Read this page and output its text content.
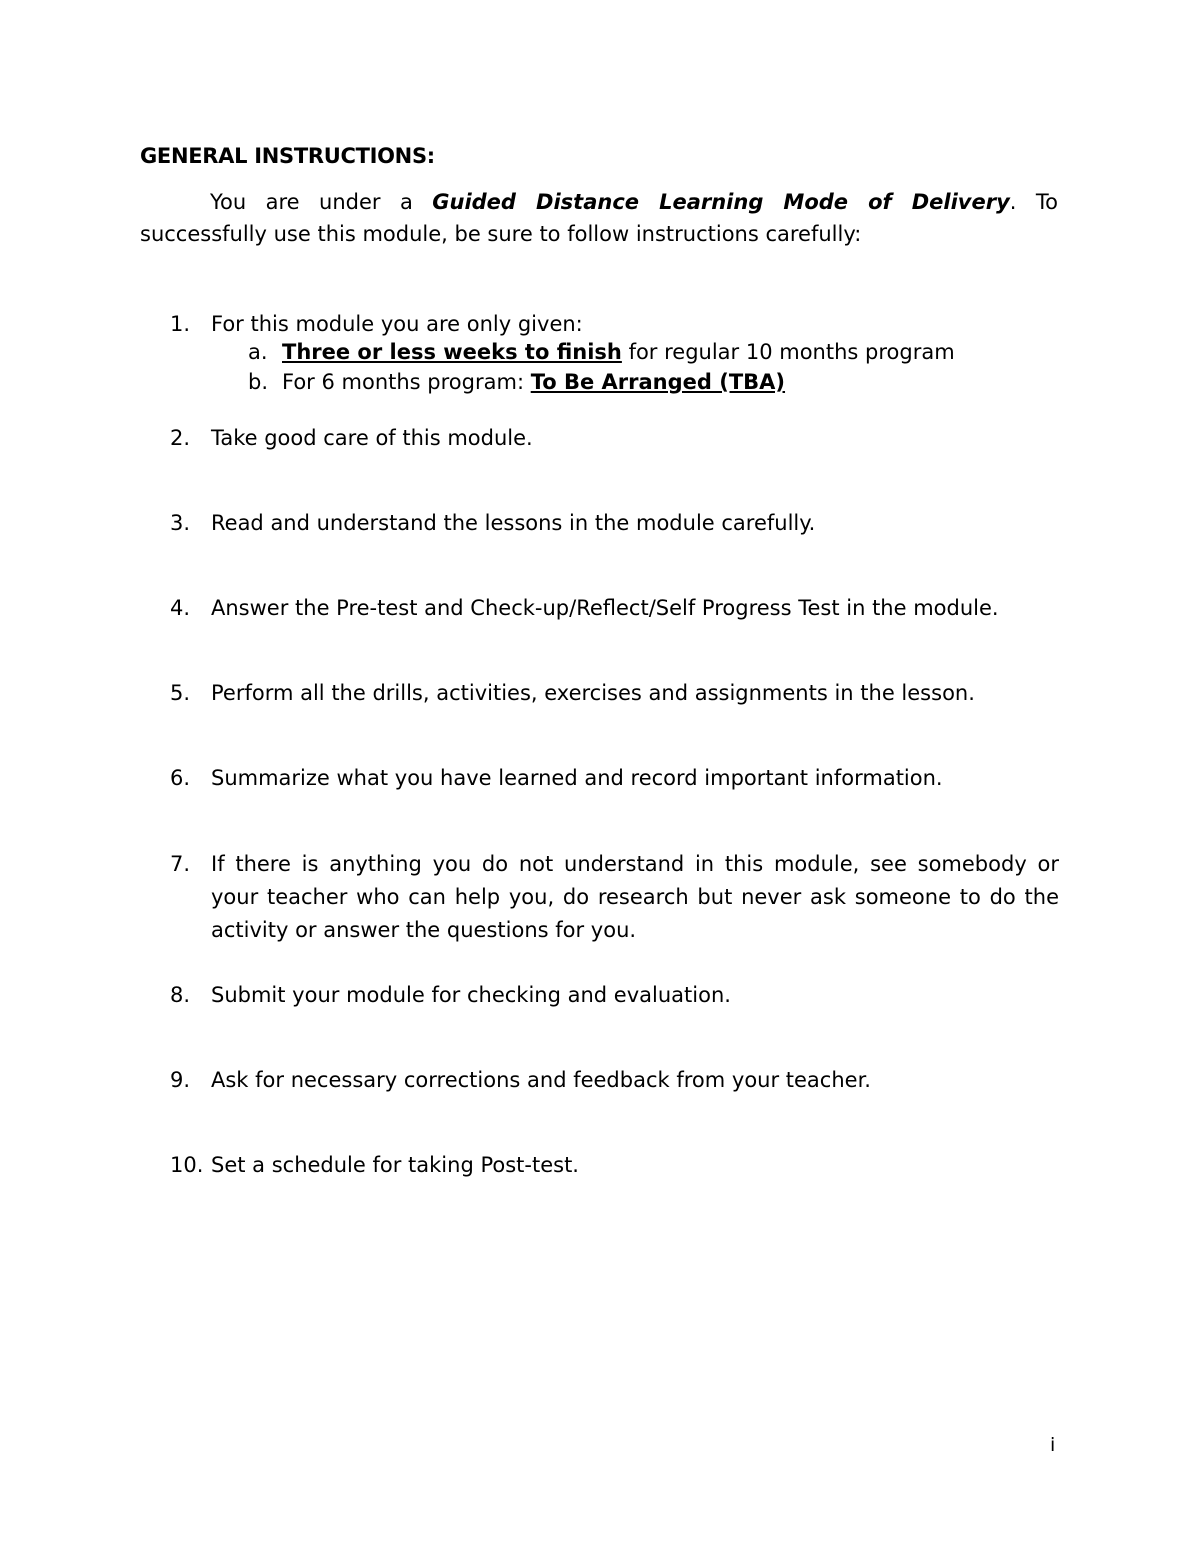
GENERAL INSTRUCTIONS:
You are under a Guided Distance Learning Mode of Delivery. To successfully use this module, be sure to follow instructions carefully:
1. For this module you are only given:
a. Three or less weeks to finish for regular 10 months program
b. For 6 months program: To Be Arranged (TBA)
2. Take good care of this module.
3. Read and understand the lessons in the module carefully.
4. Answer the Pre-test and Check-up/Reflect/Self Progress Test in the module.
5. Perform all the drills, activities, exercises and assignments in the lesson.
6. Summarize what you have learned and record important information.
7. If there is anything you do not understand in this module, see somebody or your teacher who can help you, do research but never ask someone to do the activity or answer the questions for you.
8. Submit your module for checking and evaluation.
9. Ask for necessary corrections and feedback from your teacher.
10. Set a schedule for taking Post-test.
i
